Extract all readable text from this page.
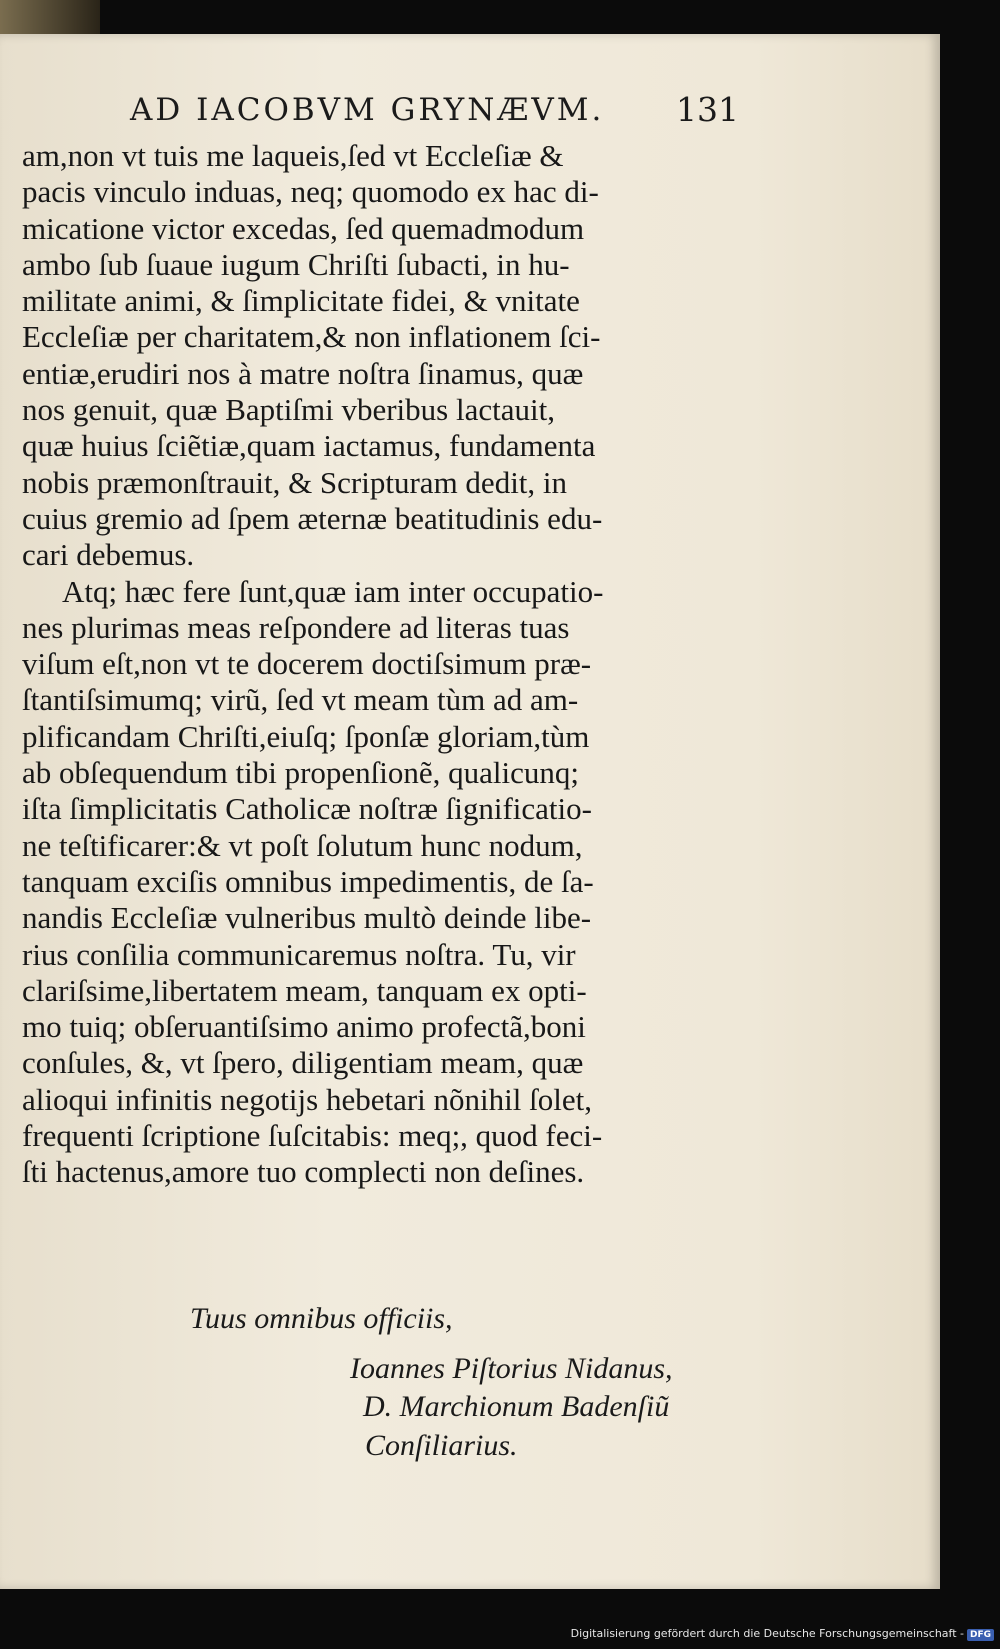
AD IACOBVM GRYNÆVM.	131
am,non vt tuis me laqueis,ſed vt Eccleſiæ &
pacis vinculo induas, neq; quomodo ex hac di-
micatione victor excedas, ſed quemadmodum
ambo ſub ſuaue iugum Chriſti ſubacti, in hu-
militate animi, & ſimplicitate fidei, & vnitate
Eccleſiæ per charitatem,& non inflationem ſci-
entiæ,erudiri nos à matre noſtra ſinamus, quæ
nos genuit, quæ Baptiſmi vberibus lactauit,
quæ huius ſciẽtiæ,quam iactamus, fundamenta
nobis præmonſtrauit, & Scripturam dedit, in
cuius gremio ad ſpem æternæ beatitudinis edu-
cari debemus.
Atq; hæc fere ſunt,quæ iam inter occupatio-
nes plurimas meas reſpondere ad literas tuas
viſum eſt,non vt te docerem doctiſsimum præ-
ſtantiſsimumq; virũ, ſed vt meam tùm ad am-
plificandam Chriſti,eiuſq; ſponſæ gloriam,tùm
ab obſequendum tibi propenſionẽ, qualicunq;
iſta ſimplicitatis Catholicæ noſtræ ſignificatio-
ne teſtificarer:& vt poſt ſolutum hunc nodum,
tanquam exciſis omnibus impedimentis, de ſa-
nandis Eccleſiæ vulneribus multò deinde libe-
rius conſilia communicaremus noſtra. Tu, vir
clariſsime,libertatem meam, tanquam ex opti-
mo tuiq; obſeruantiſsimo animo profectã,boni
conſules, &, vt ſpero, diligentiam meam, quæ
alioqui infinitis negotijs hebetari nõnihil ſolet,
frequenti ſcriptione ſuſcitabis: meq;, quod feci-
ſti hactenus,amore tuo complecti non deſines.
Tuus omnibus officiis,
Ioannes Piſtorius Nidanus,
D. Marchionum Badenſiũ
Conſiliarius.
Digitalisierung gefördert durch die Deutsche Forschungsgemeinschaft - DFG
